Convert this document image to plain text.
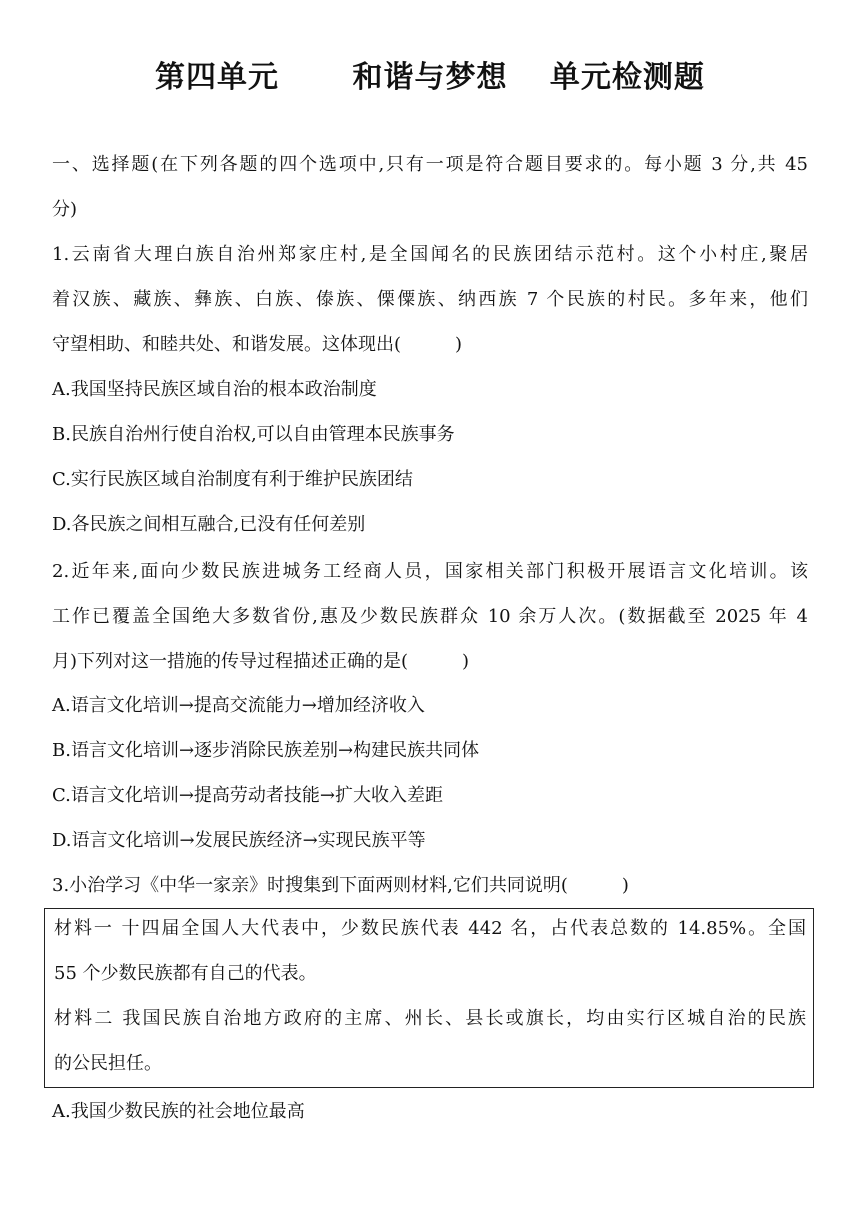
第四单元　　 和谐与梦想　 单元检测题
一、选择题(在下列各题的四个选项中,只有一项是符合题目要求的。每小题 3 分,共 45
分)
1.云南省大理白族自治州郑家庄村,是全国闻名的民族团结示范村。这个小村庄,聚居
着汉族、藏族、彝族、白族、傣族、傈僳族、纳西族 7 个民族的村民。多年来，他们
守望相助、和睦共处、和谐发展。这体现出(　　　)
A.我国坚持民族区域自治的根本政治制度
B.民族自治州行使自治权,可以自由管理本民族事务
C.实行民族区域自治制度有利于维护民族团结
D.各民族之间相互融合,已没有任何差别
2.近年来,面向少数民族进城务工经商人员，国家相关部门积极开展语言文化培训。该
工作已覆盖全国绝大多数省份,惠及少数民族群众 10 余万人次。(数据截至 2025 年 4
月)下列对这一措施的传导过程描述正确的是(　　　)
A.语言文化培训→提高交流能力→增加经济收入
B.语言文化培训→逐步消除民族差别→构建民族共同体
C.语言文化培训→提高劳动者技能→扩大收入差距
D.语言文化培训→发展民族经济→实现民族平等
3.小治学习《中华一家亲》时搜集到下面两则材料,它们共同说明(　　　)
材料一 十四届全国人大代表中，少数民族代表 442 名，占代表总数的 14.85%。全国
55 个少数民族都有自己的代表。
材料二 我国民族自治地方政府的主席、州长、县长或旗长，均由实行区城自治的民族
的公民担任。
A.我国少数民族的社会地位最高
